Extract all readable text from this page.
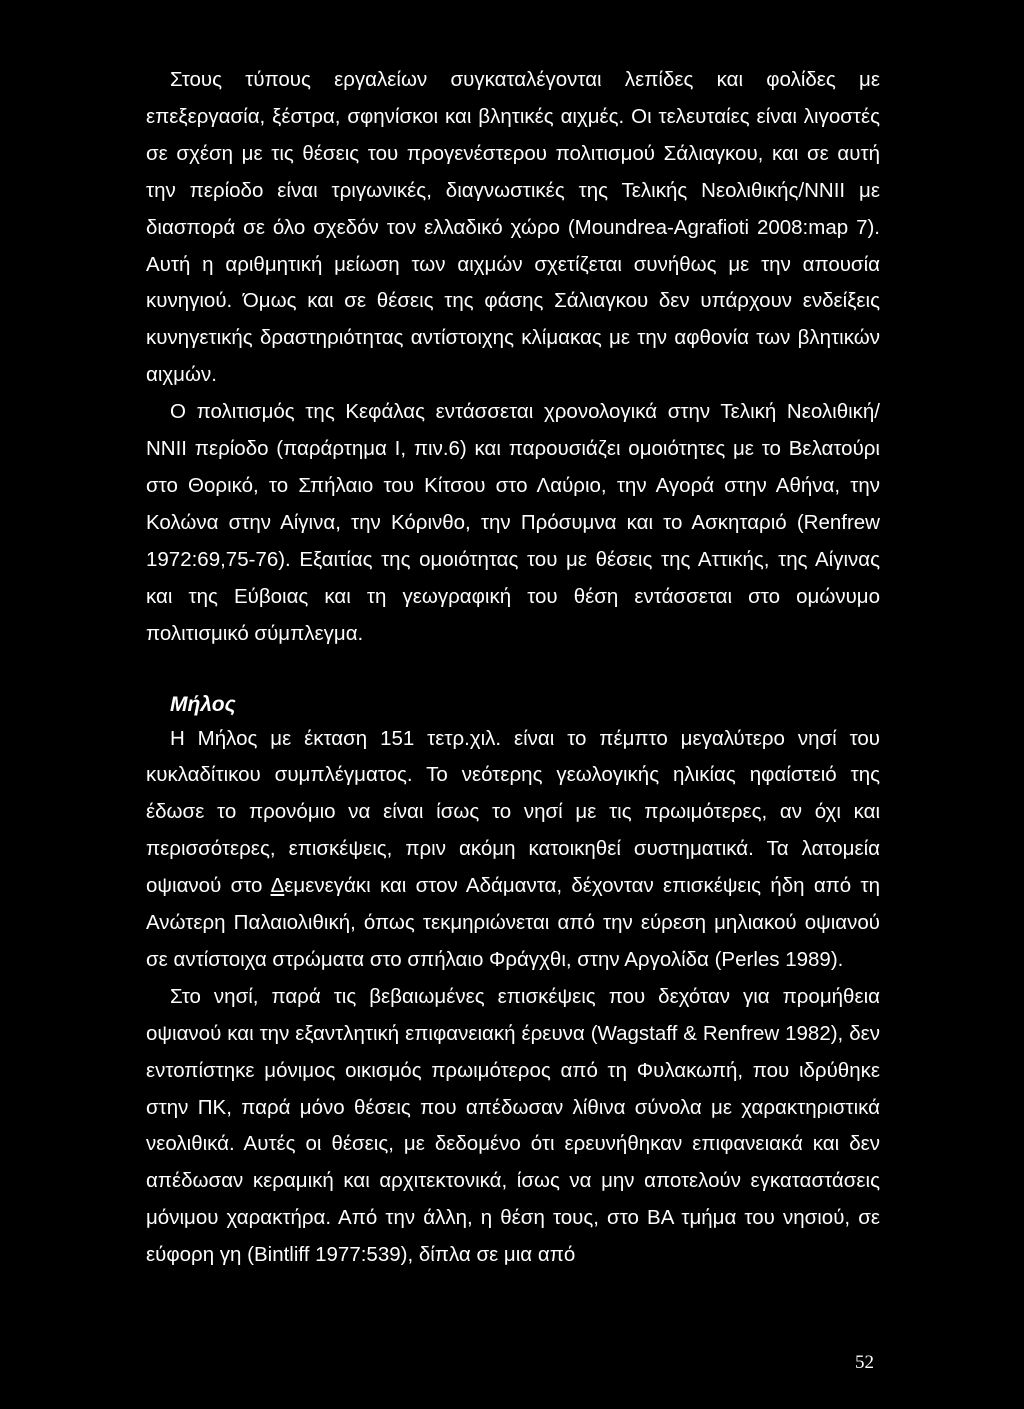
Στους τύπους εργαλείων συγκαταλέγονται λεπίδες και φολίδες με επεξεργασία, ξέστρα, σφηνίσκοι και βλητικές αιχμές. Οι τελευταίες είναι λιγοστές σε σχέση με τις θέσεις του προγενέστερου πολιτισμού Σάλιαγκου, και σε αυτή την περίοδο είναι τριγωνικές, διαγνωστικές της Τελικής Νεολιθικής/ΝΝΙΙ με διασπορά σε όλο σχεδόν τον ελλαδικό χώρο (Moundrea-Agrafioti 2008:map 7). Αυτή η αριθμητική μείωση των αιχμών σχετίζεται συνήθως με την απουσία κυνηγιού. Όμως και σε θέσεις της φάσης Σάλιαγκου δεν υπάρχουν ενδείξεις κυνηγετικής δραστηριότητας αντίστοιχης κλίμακας με την αφθονία των βλητικών αιχμών.

Ο πολιτισμός της Κεφάλας εντάσσεται χρονολογικά στην Τελική Νεολιθική/ΝΝΙΙ περίοδο (παράρτημα Ι, πιν.6) και παρουσιάζει ομοιότητες με το Βελατούρι στο Θορικό, το Σπήλαιο του Κίτσου στο Λαύριο, την Αγορά στην Αθήνα, την Κολώνα στην Αίγινα, την Κόρινθο, την Πρόσυμνα και το Ασκηταριό (Renfrew 1972:69,75-76). Εξαιτίας της ομοιότητας του με θέσεις της Αττικής, της Αίγινας και της Εύβοιας και τη γεωγραφική του θέση εντάσσεται στο ομώνυμο πολιτισμικό σύμπλεγμα.

Μήλος

Η Μήλος με έκταση 151 τετρ.χιλ. είναι το πέμπτο μεγαλύτερο νησί του κυκλαδίτικου συμπλέγματος. Το νεότερης γεωλογικής ηλικίας ηφαίστειό της έδωσε το προνόμιο να είναι ίσως το νησί με τις πρωιμότερες, αν όχι και περισσότερες, επισκέψεις, πριν ακόμη κατοικηθεί συστηματικά. Τα λατομεία οψιανού στο Δεμενεγάκι και στον Αδάμαντα, δέχονταν επισκέψεις ήδη από τη Ανώτερη Παλαιολιθική, όπως τεκμηριώνεται από την εύρεση μηλιακού οψιανού σε αντίστοιχα στρώματα στο σπήλαιο Φράγχθι, στην Αργολίδα (Perles 1989).

Στο νησί, παρά τις βεβαιωμένες επισκέψεις που δεχόταν για προμήθεια οψιανού και την εξαντλητική επιφανειακή έρευνα (Wagstaff & Renfrew 1982), δεν εντοπίστηκε μόνιμος οικισμός πρωιμότερος από τη Φυλακωπή, που ιδρύθηκε στην ΠΚ, παρά μόνο θέσεις που απέδωσαν λίθινα σύνολα με χαρακτηριστικά νεολιθικά. Αυτές οι θέσεις, με δεδομένο ότι ερευνήθηκαν επιφανειακά και δεν απέδωσαν κεραμική και αρχιτεκτονικά, ίσως να μην αποτελούν εγκαταστάσεις μόνιμου χαρακτήρα. Από την άλλη, η θέση τους, στο ΒΑ τμήμα του νησιού, σε εύφορη γη (Bintliff 1977:539), δίπλα σε μια από

52
